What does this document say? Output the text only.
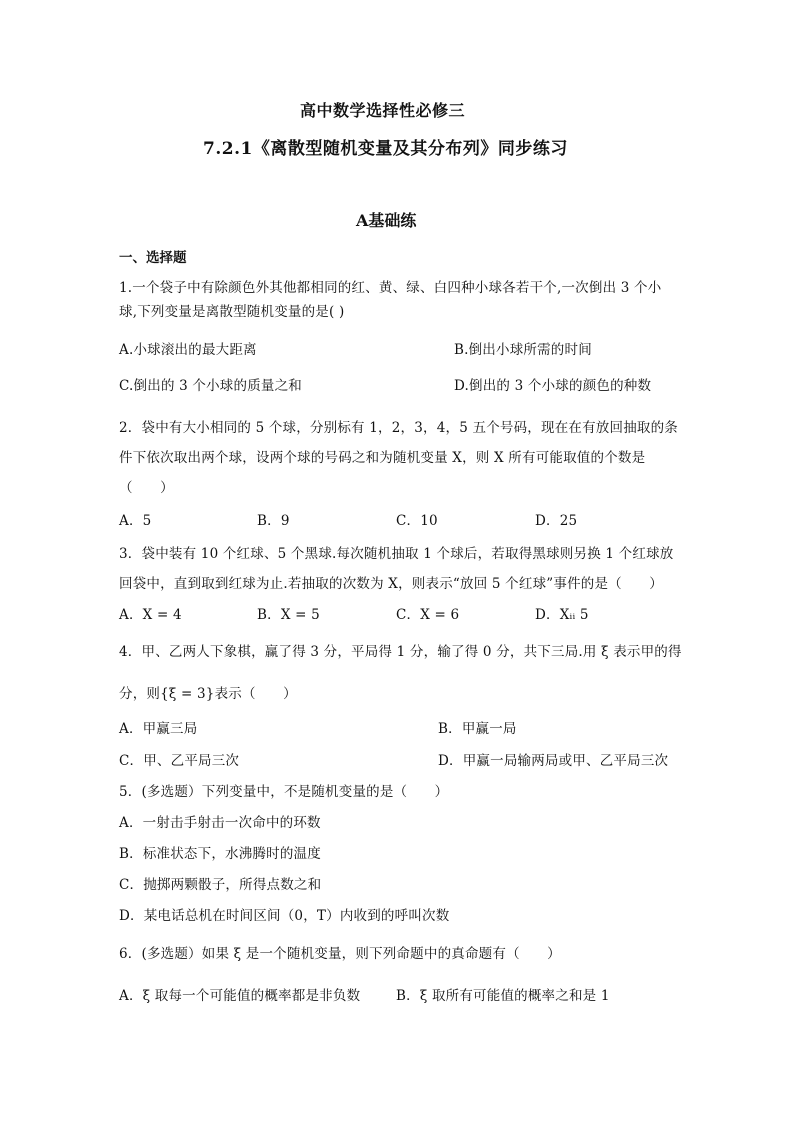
高中数学选择性必修三
7.2.1《离散型随机变量及其分布列》同步练习
A基础练
一、选择题
1.一个袋子中有除颜色外其他都相同的红、黄、绿、白四种小球各若干个,一次倒出 3 个小
球,下列变量是离散型随机变量的是( )
A.小球滚出的最大距离	B.倒出小球所需的时间
C.倒出的 3 个小球的质量之和	D.倒出的 3 个小球的颜色的种数
2．袋中有大小相同的 5 个球，分别标有 1，2，3，4，5 五个号码，现在在有放回抽取的条
件下依次取出两个球，设两个球的号码之和为随机变量 X，则 X 所有可能取值的个数是
（　　）
A．5	B．9	C．10	D．25
3．袋中装有 10 个红球、5 个黑球.每次随机抽取 1 个球后，若取得黑球则另换 1 个红球放
回袋中，直到取到红球为止.若抽取的次数为 X，则表示“放回 5 个红球”事件的是（　　）
A．X = 4	B．X = 5	C．X = 6	D．Xᵢᵢ 5
4．甲、乙两人下象棋，赢了得 3 分，平局得 1 分，输了得 0 分，共下三局.用 ξ 表示甲的得
分，则{ξ = 3}表示（　　）
A．甲赢三局	B．甲赢一局
C．甲、乙平局三次	D．甲赢一局输两局或甲、乙平局三次
5．(多选题）下列变量中，不是随机变量的是（　　）
A．一射击手射击一次命中的环数
B．标准状态下，水沸腾时的温度
C．抛掷两颗骰子，所得点数之和
D．某电话总机在时间区间（0，T）内收到的呼叫次数
6．(多选题）如果 ξ 是一个随机变量，则下列命题中的真命题有（　　）
A．ξ 取每一个可能值的概率都是非负数	B．ξ 取所有可能值的概率之和是 1
